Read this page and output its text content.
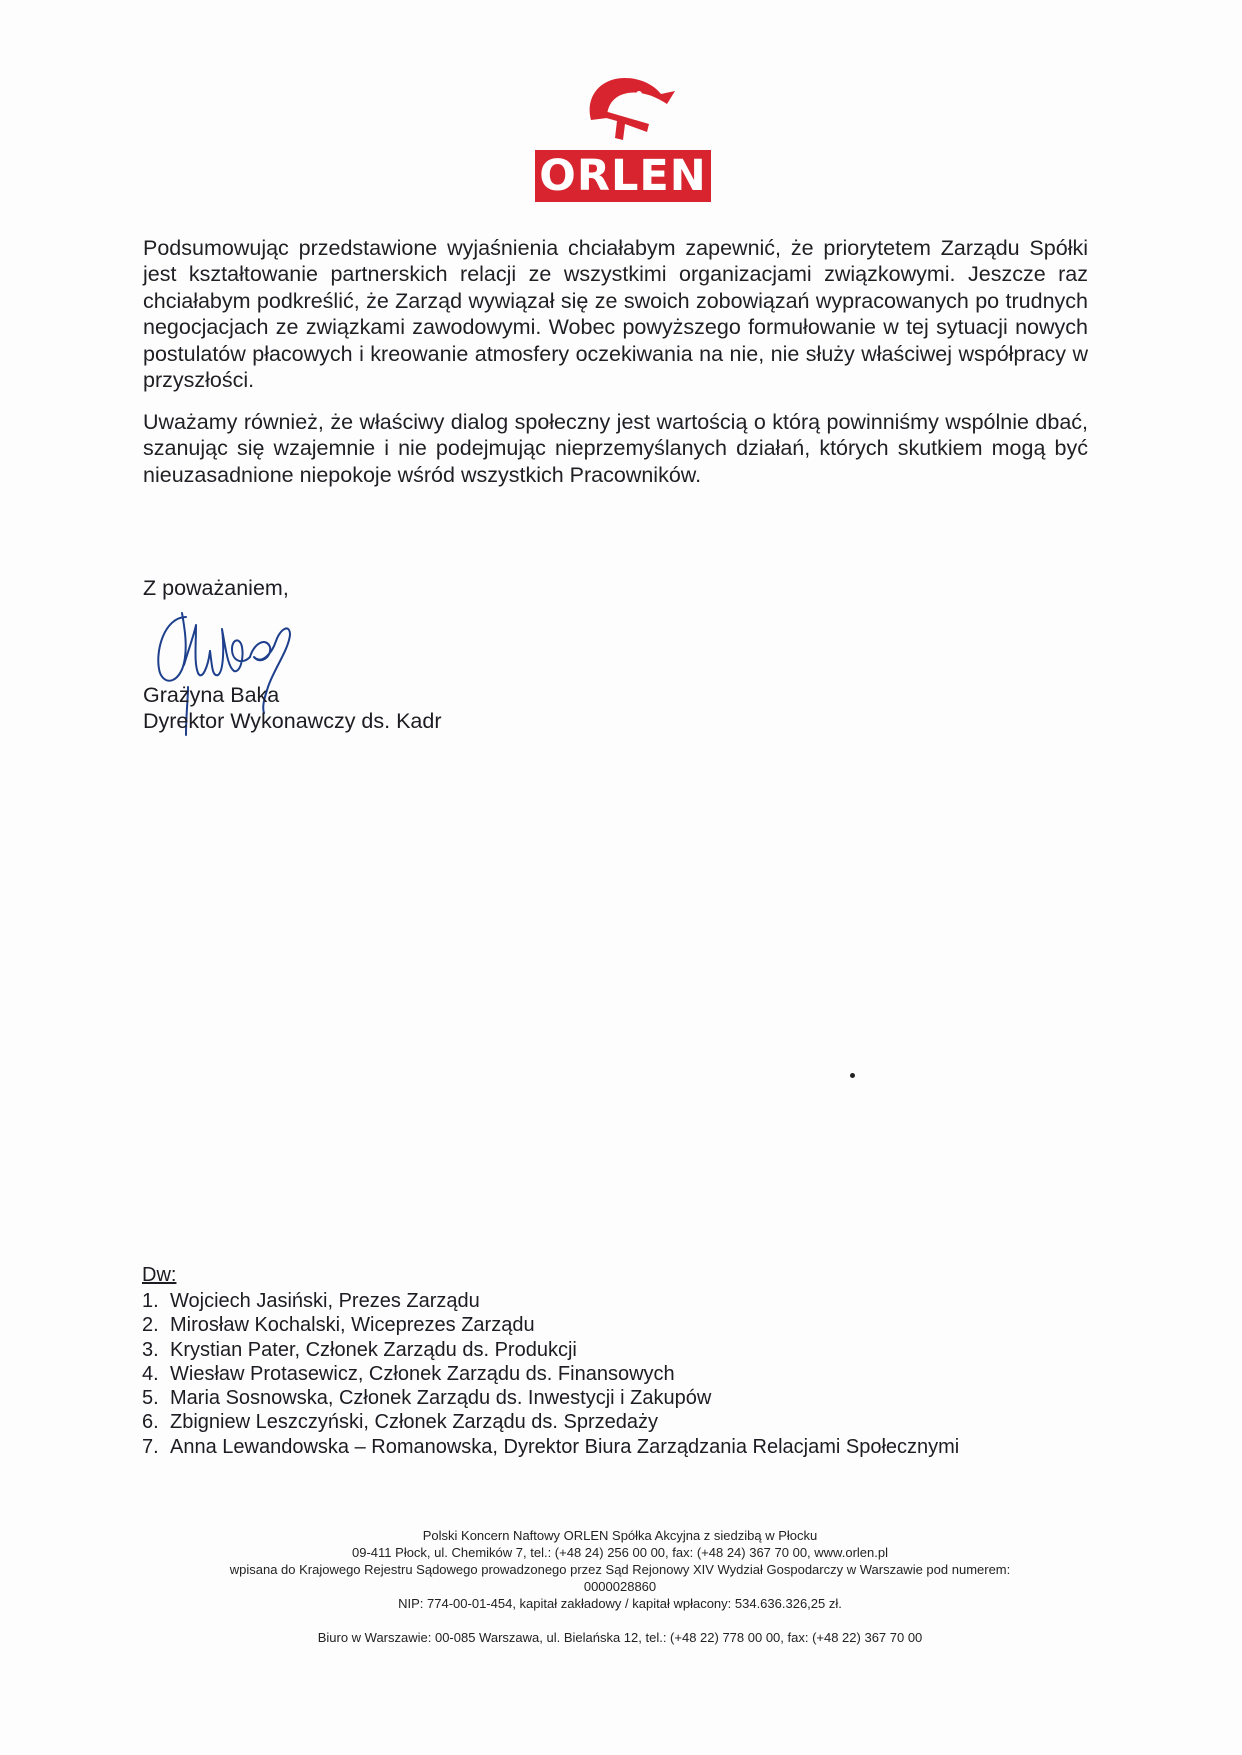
ORLEN

Podsumowując przedstawione wyjaśnienia chciałabym zapewnić, że priorytetem Zarządu Spółki jest kształtowanie partnerskich relacji ze wszystkimi organizacjami związkowymi. Jeszcze raz chciałabym podkreślić, że Zarząd wywiązał się ze swoich zobowiązań wypracowanych po trudnych negocjacjach ze związkami zawodowymi. Wobec powyższego formułowanie w tej sytuacji nowych postulatów płacowych i kreowanie atmosfery oczekiwania na nie, nie służy właściwej współpracy w przyszłości.

Uważamy również, że właściwy dialog społeczny jest wartością o którą powinniśmy wspólnie dbać, szanując się wzajemnie i nie podejmując nieprzemyślanych działań, których skutkiem mogą być nieuzasadnione niepokoje wśród wszystkich Pracowników.

Z poważaniem,

Grażyna Baka

Dyrektor Wykonawczy ds. Kadr

Dw:

1. Wojciech Jasiński, Prezes Zarządu
2. Mirosław Kochalski, Wiceprezes Zarządu
3. Krystian Pater, Członek Zarządu ds. Produkcji
4. Wiesław Protasewicz, Członek Zarządu ds. Finansowych
5. Maria Sosnowska, Członek Zarządu ds. Inwestycji i Zakupów
6. Zbigniew Leszczyński, Członek Zarządu ds. Sprzedaży
7. Anna Lewandowska – Romanowska, Dyrektor Biura Zarządzania Relacjami Społecznymi
Polski Koncern Naftowy ORLEN Spółka Akcyjna z siedzibą w Płocku
09-411 Płock, ul. Chemików 7, tel.: (+48 24) 256 00 00, fax: (+48 24) 367 70 00, www.orlen.pl
wpisana do Krajowego Rejestru Sądowego prowadzonego przez Sąd Rejonowy XIV Wydział Gospodarczy w Warszawie pod numerem:
0000028860
NIP: 774-00-01-454, kapitał zakładowy / kapitał wpłacony: 534.636.326,25 zł.
Biuro w Warszawie: 00-085 Warszawa, ul. Bielańska 12, tel.: (+48 22) 778 00 00, fax: (+48 22) 367 70 00
